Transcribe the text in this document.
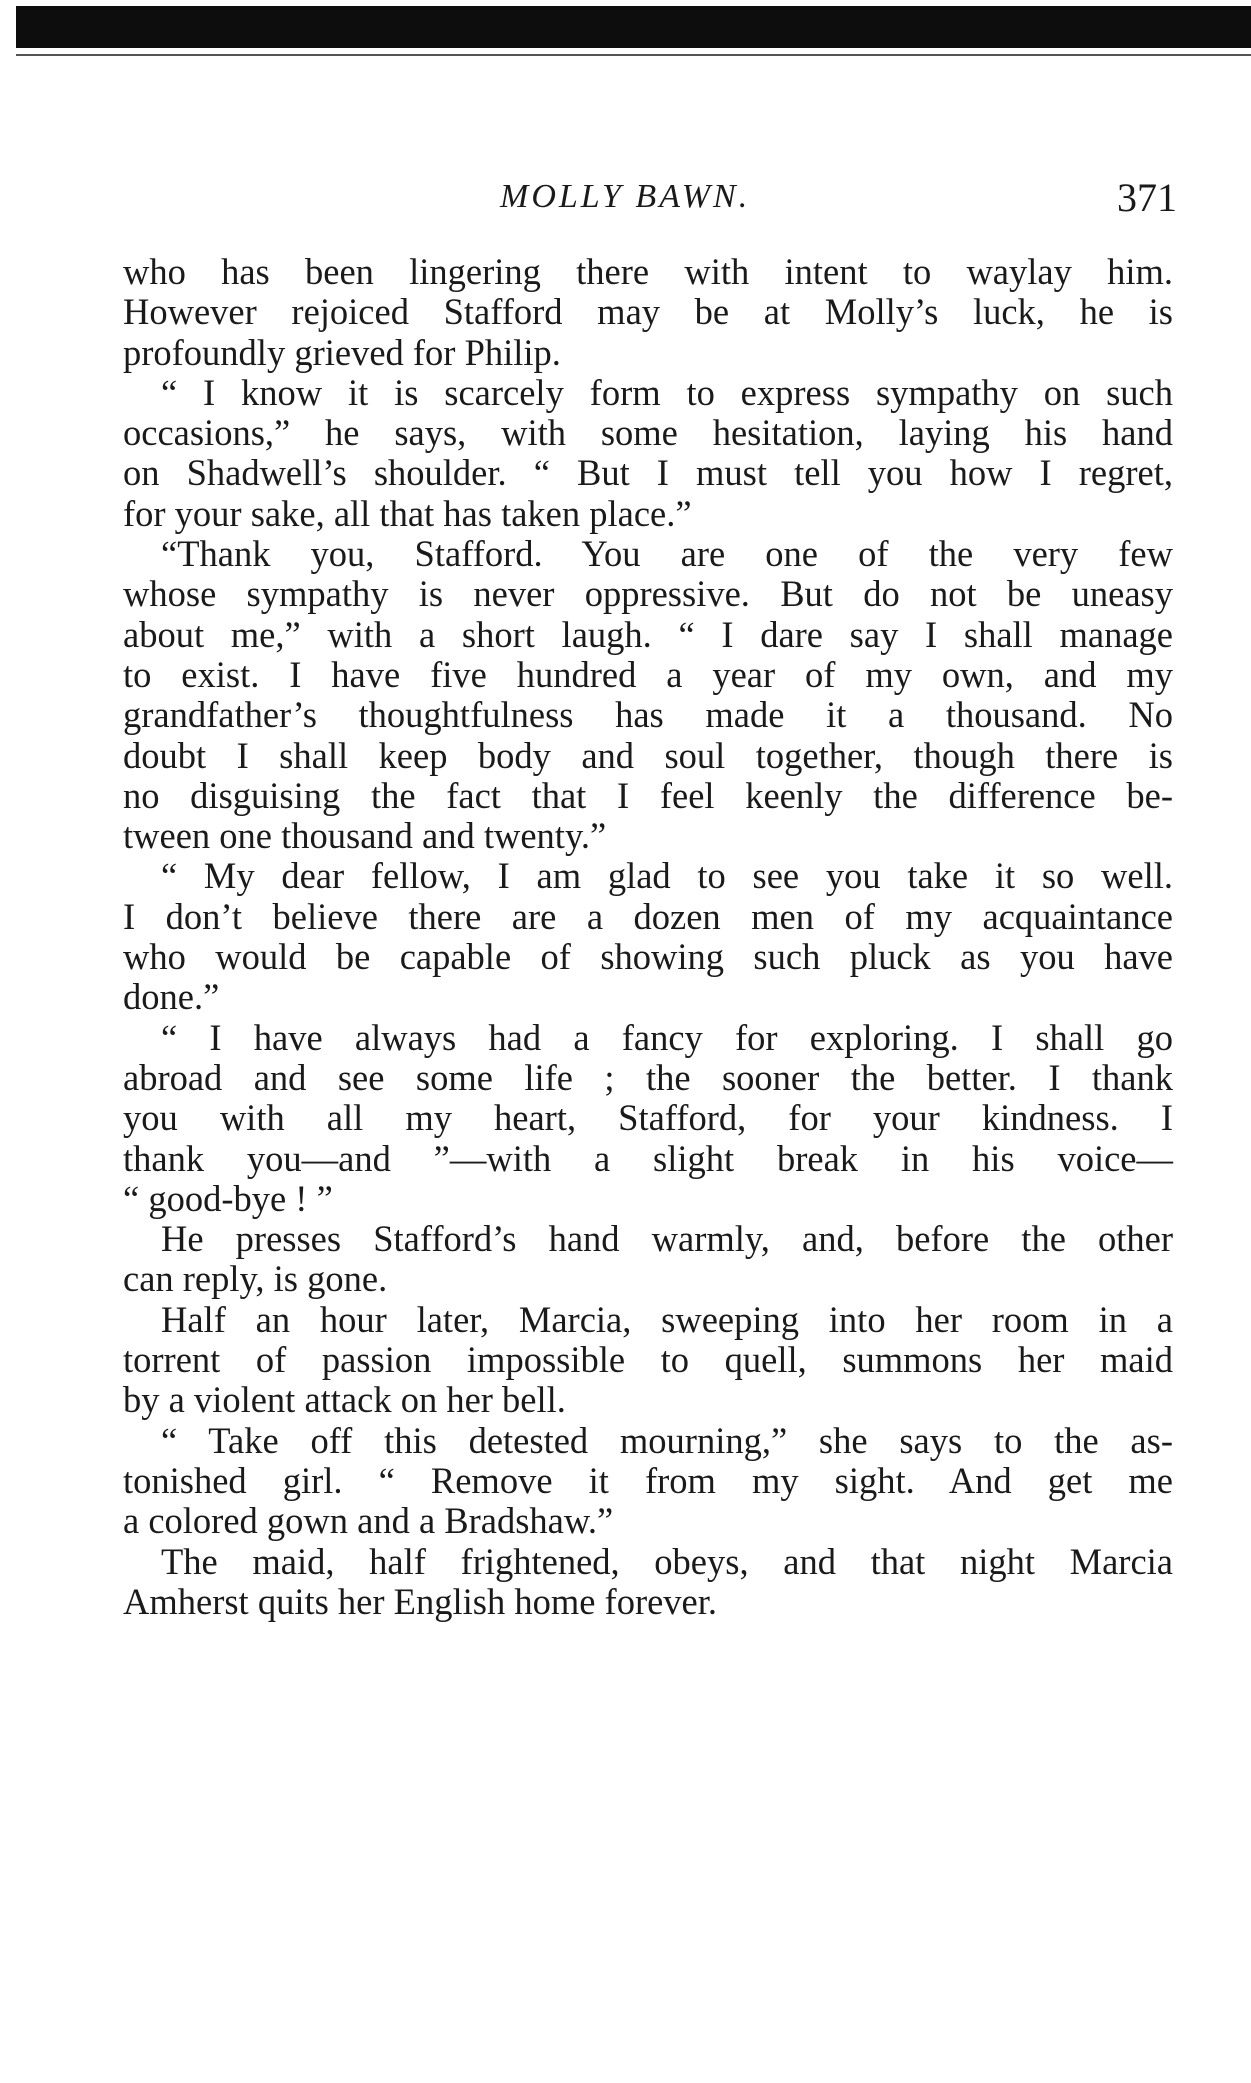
MOLLY BAWN.	371
who has been lingering there with intent to waylay him.
However rejoiced Stafford may be at Molly’s luck, he is
profoundly grieved for Philip.
“ I know it is scarcely form to express sympathy on such
occasions,” he says, with some hesitation, laying his hand
on Shadwell’s shoulder. “ But I must tell you how I regret,
for your sake, all that has taken place.”
“Thank you, Stafford. You are one of the very few
whose sympathy is never oppressive. But do not be uneasy
about me,” with a short laugh. “ I dare say I shall manage
to exist. I have five hundred a year of my own, and my
grandfather’s thoughtfulness has made it a thousand. No
doubt I shall keep body and soul together, though there is
no disguising the fact that I feel keenly the difference be-
tween one thousand and twenty.”
“ My dear fellow, I am glad to see you take it so well.
I don’t believe there are a dozen men of my acquaintance
who would be capable of showing such pluck as you have
done.”
“ I have always had a fancy for exploring. I shall go
abroad and see some life ; the sooner the better. I thank
you with all my heart, Stafford, for your kindness. I
thank you—and ”—with a slight break in his voice—
“ good-bye ! ”
He presses Stafford’s hand warmly, and, before the other
can reply, is gone.
Half an hour later, Marcia, sweeping into her room in a
torrent of passion impossible to quell, summons her maid
by a violent attack on her bell.
“ Take off this detested mourning,” she says to the as-
tonished girl. “ Remove it from my sight. And get me
a colored gown and a Bradshaw.”
The maid, half frightened, obeys, and that night Marcia
Amherst quits her English home forever.
